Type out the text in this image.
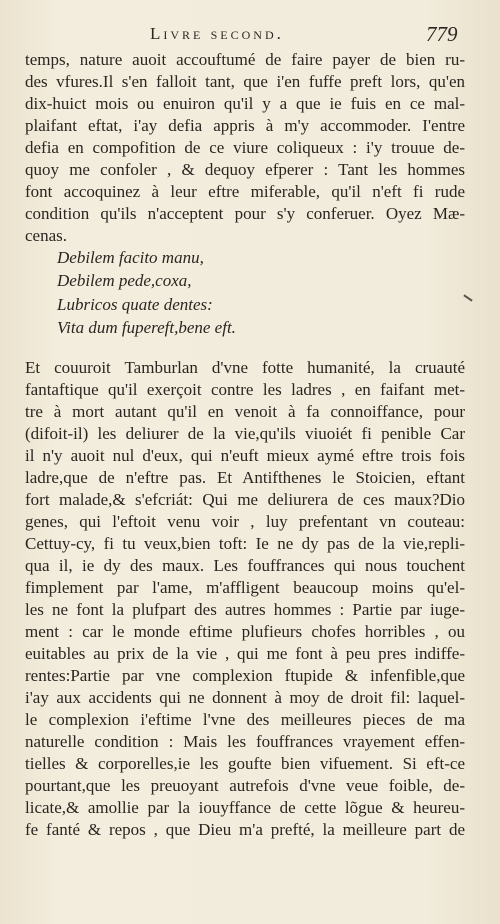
Livre second.	779
temps, nature auoit accouftumé de faire payer de bien ru-
des vfures.Il s'en falloit tant, que i'en fuffe preft lors, qu'en
dix-huict mois ou enuiron qu'il y a que ie fuis en ce mal-
plaifant eftat, i'ay defia appris à m'y accommoder. I'entre
defia en compofition de ce viure coliqueux : i'y trouue de-
quoy me confoler , & dequoy efperer : Tant les hommes
font accoquinez à leur eftre miferable, qu'il n'eft fi rude
condition qu'ils n'acceptent pour s'y conferuer. Oyez Mæ-
cenas.
Debilem facito manu,
Debilem pede,coxa,
Lubricos quate dentes:
Vita dum fupereft,bene eft.
Et couuroit Tamburlan d'vne fotte humanité, la cruauté
fantaftique qu'il exerçoit contre les ladres , en faifant met-
tre à mort autant qu'il en venoit à fa connoiffance, pour
(difoit-il) les deliurer de la vie,qu'ils viuoiét fi penible Car
il n'y auoit nul d'eux, qui n'euft mieux aymé eftre trois fois
ladre,que de n'eftre pas. Et Antifthenes le Stoicien, eftant
fort malade,& s'efcriát: Qui me deliurera de ces maux?Dio
genes, qui l'eftoit venu voir , luy prefentant vn couteau:
Cettuy-cy, fi tu veux,bien toft: Ie ne dy pas de la vie,repli-
qua il, ie dy des maux. Les fouffrances qui nous touchent
fimplement par l'ame, m'affligent beaucoup moins qu'el-
les ne font la plufpart des autres hommes : Partie par iuge-
ment : car le monde eftime plufieurs chofes horribles , ou
euitables au prix de la vie , qui me font à peu pres indiffe-
rentes:Partie par vne complexion ftupide & infenfible,que
i'ay aux accidents qui ne donnent à moy de droit fil: laquel-
le complexion i'eftime l'vne des meilleures pieces de ma
naturelle condition : Mais les fouffrances vrayement effen-
tielles & corporelles,ie les goufte bien vifuement. Si eft-ce
pourtant,que les preuoyant autrefois d'vne veue foible, de-
licate,& amollie par la iouyffance de cette lõgue & heureu-
fe fanté & repos , que Dieu m'a prefté, la meilleure part de
